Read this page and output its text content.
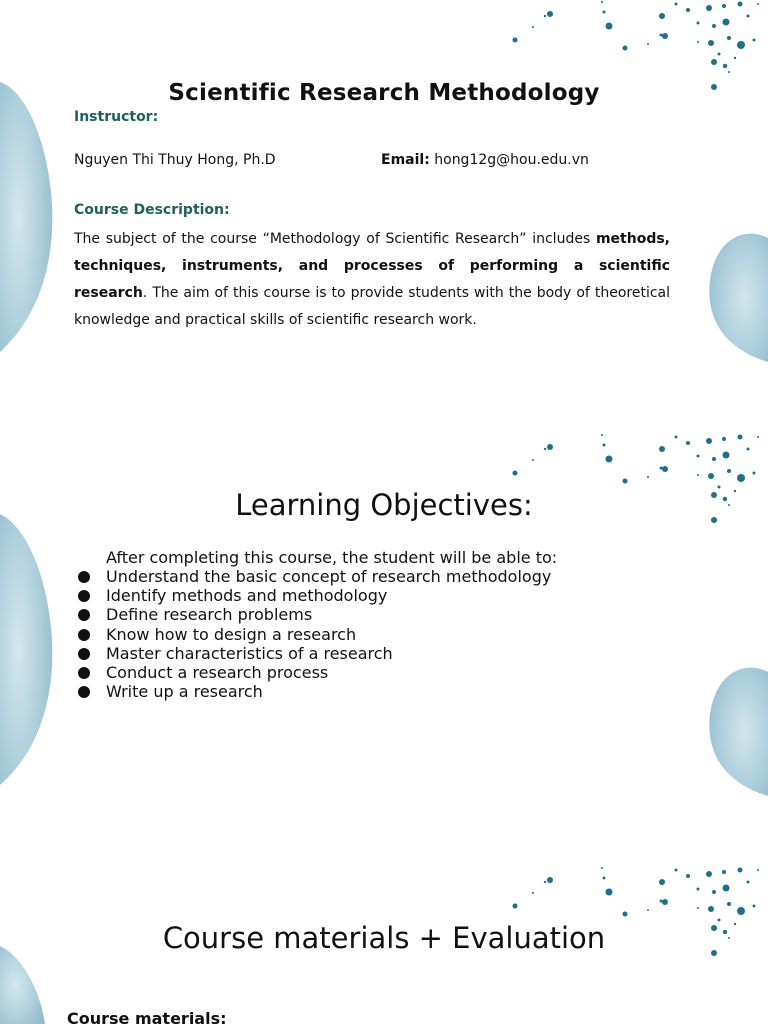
Scientific Research Methodology
Instructor:
Nguyen Thi Thuy Hong, Ph.D	Email: hong12g@hou.edu.vn
Course Description:

The subject of the course “Methodology of Scientific Research” includes methods, techniques, instruments, and processes of performing a scientific research. The aim of this course is to provide students with the body of theoretical knowledge and practical skills of scientific research work.

Learning Objectives:
After completing this course, the student will be able to:
Understand the basic concept of research methodology
Identify methods and methodology
Define research problems
Know how to design a research
Master characteristics of a research
Conduct a research process
Write up a research
Course materials + Evaluation
Course materials:
